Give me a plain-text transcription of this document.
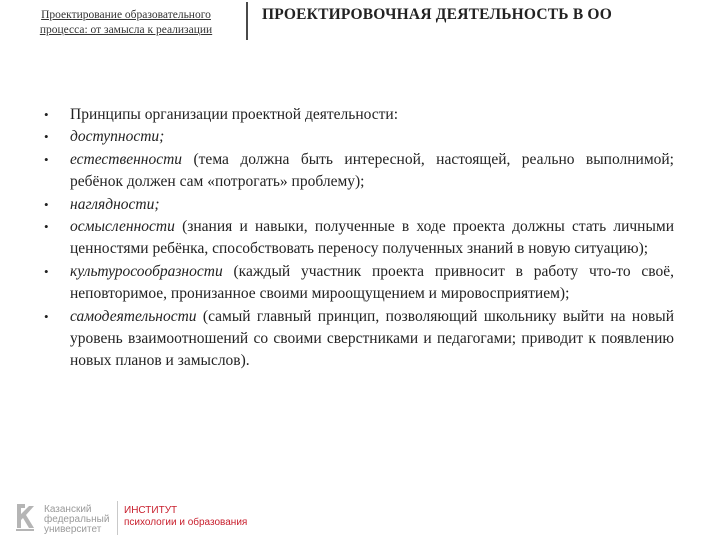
Проектирование образовательного
процесса: от замысла к реализации
ПРОЕКТИРОВОЧНАЯ ДЕЯТЕЛЬНОСТЬ В ОО
• Принципы организации проектной деятельности:
• доступности;
• естественности (тема должна быть интересной, настоящей, реально выполнимой; ребёнок должен сам «потрогать» проблему);
• наглядности;
• осмысленности (знания и навыки, полученные в ходе проекта должны стать личными ценностями ребёнка, способствовать переносу полученных знаний в новую ситуацию);
• культуросообразности (каждый участник проекта привносит в работу что-то своё, неповторимое, пронизанное своими мироощущением и мировосприятием);
• самодеятельности (самый главный принцип, позволяющий школьнику выйти на новый уровень взаимоотношений со своими сверстниками и педагогами; приводит к появлению новых планов и замыслов).
Казанский
федеральный
университет
ИНСТИТУТ
психологии и образования
